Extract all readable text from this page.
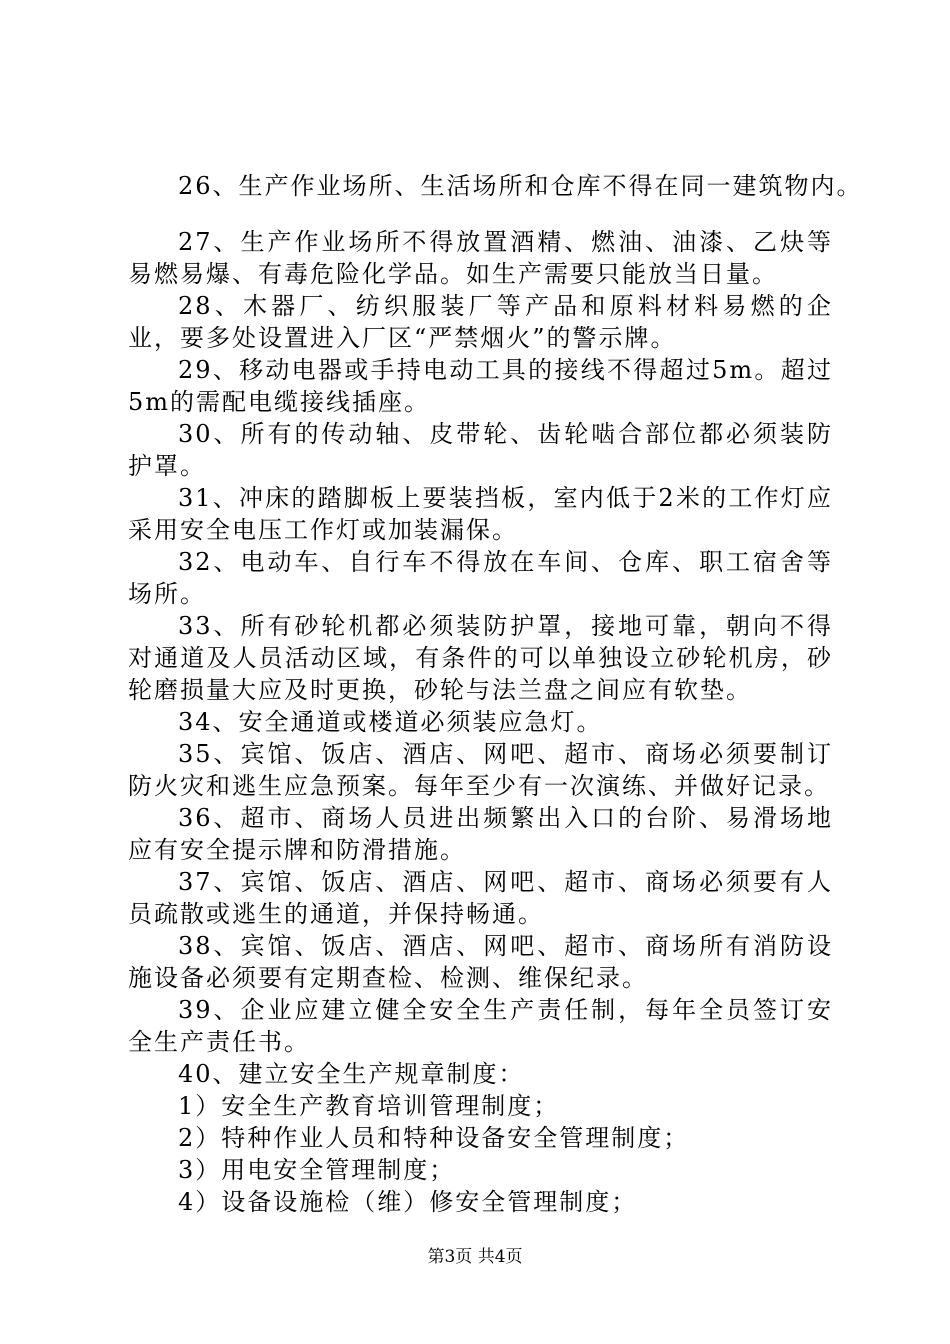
26、生产作业场所、生活场所和仓库不得在同一建筑物内。

27、生产作业场所不得放置酒精、燃油、油漆、乙炔等易燃易爆、有毒危险化学品。如生产需要只能放当日量。

28、木器厂、纺织服装厂等产品和原料材料易燃的企业，要多处设置进入厂区“严禁烟火”的警示牌。

29、移动电器或手持电动工具的接线不得超过5m。超过5m的需配电缆接线插座。

30、所有的传动轴、皮带轮、齿轮啮合部位都必须装防护罩。

31、冲床的踏脚板上要装挡板，室内低于2米的工作灯应采用安全电压工作灯或加装漏保。

32、电动车、自行车不得放在车间、仓库、职工宿舍等场所。

33、所有砂轮机都必须装防护罩，接地可靠，朝向不得对通道及人员活动区域，有条件的可以单独设立砂轮机房，砂轮磨损量大应及时更换，砂轮与法兰盘之间应有软垫。

34、安全通道或楼道必须装应急灯。

35、宾馆、饭店、酒店、网吧、超市、商场必须要制订防火灾和逃生应急预案。每年至少有一次演练、并做好记录。

36、超市、商场人员进出频繁出入口的台阶、易滑场地应有安全提示牌和防滑措施。

37、宾馆、饭店、酒店、网吧、超市、商场必须要有人员疏散或逃生的通道，并保持畅通。

38、宾馆、饭店、酒店、网吧、超市、商场所有消防设施设备必须要有定期查检、检测、维保纪录。

39、企业应建立健全安全生产责任制，每年全员签订安全生产责任书。

40、建立安全生产规章制度：

1）安全生产教育培训管理制度；

2）特种作业人员和特种设备安全管理制度；

3）用电安全管理制度；

4）设备设施检（维）修安全管理制度；

第3页 共4页
